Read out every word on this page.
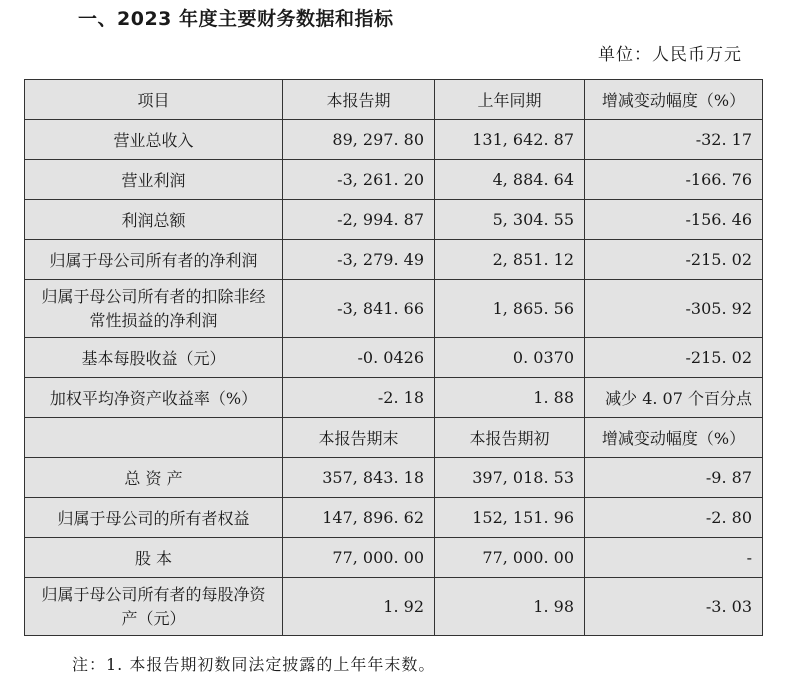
一、2023 年度主要财务数据和指标
单位：人民币万元
项目	本报告期	上年同期	增减变动幅度（%）
营业总收入	89, 297. 80	131, 642. 87	-32. 17
营业利润	-3, 261. 20	4, 884. 64	-166. 76
利润总额	-2, 994. 87	5, 304. 55	-156. 46
归属于母公司所有者的净利润	-3, 279. 49	2, 851. 12	-215. 02
归属于母公司所有者的扣除非经常性损益的净利润	-3, 841. 66	1, 865. 56	-305. 92
基本每股收益（元）	-0. 0426	0. 0370	-215. 02
加权平均净资产收益率（%）	-2. 18	1. 88	减少 4. 07 个百分点
	本报告期末	本报告期初	增减变动幅度（%）
总 资 产	357, 843. 18	397, 018. 53	-9. 87
归属于母公司的所有者权益	147, 896. 62	152, 151. 96	-2. 80
股 本	77, 000. 00	77, 000. 00	-
归属于母公司所有者的每股净资产（元）	1. 92	1. 98	-3. 03
注：1. 本报告期初数同法定披露的上年年末数。
